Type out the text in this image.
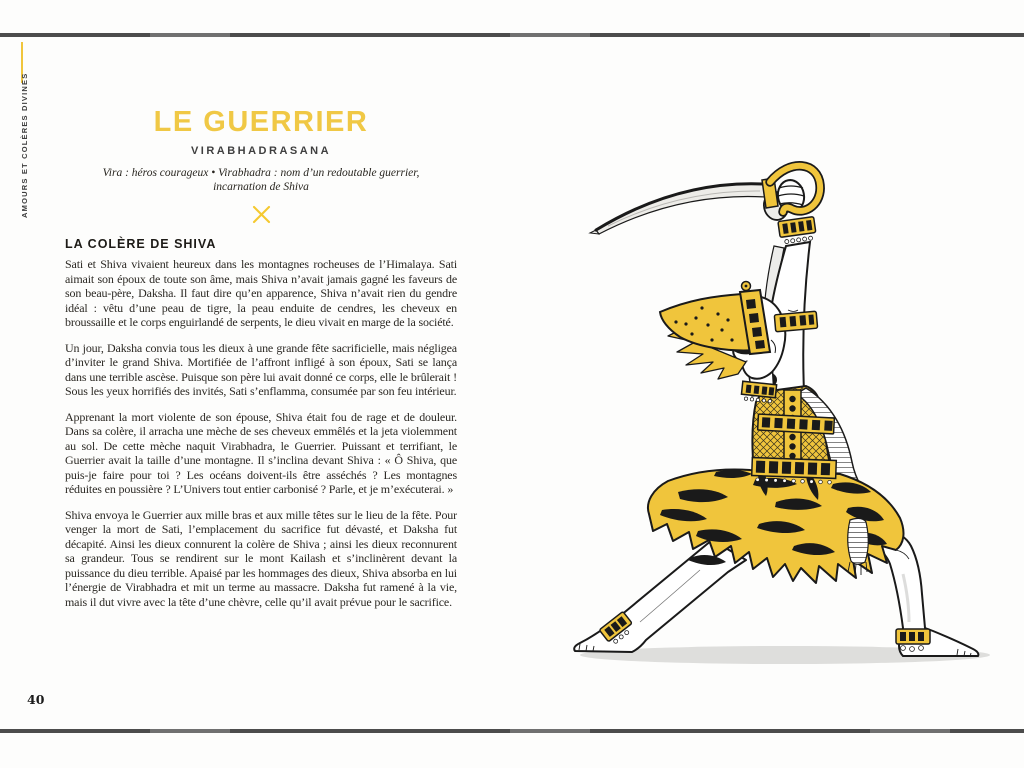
AMOURS ET COLÈRES DIVINES	LE GUERRIER
VIRABHADRASANA
Vira : héros courageux • Virabhadra : nom d’un redoutable guerrier,
incarnation de Shiva
LA COLÈRE DE SHIVA

Sati et Shiva vivaient heureux dans les montagnes rocheuses de l’Himalaya. Sati aimait son époux de toute son âme, mais Shiva n’avait jamais gagné les faveurs de son beau-père, Daksha. Il faut dire qu’en apparence, Shiva n’avait rien du gendre idéal : vêtu d’une peau de tigre, la peau enduite de cendres, les cheveux en broussaille et le corps enguirlandé de serpents, le dieu vivait en marge de la société.

Un jour, Daksha convia tous les dieux à une grande fête sacrificielle, mais négligea d’inviter le grand Shiva. Mortifiée de l’affront infligé à son époux, Sati se lança dans une terrible ascèse. Puisque son père lui avait donné ce corps, elle le brûlerait ! Sous les yeux horrifiés des invités, Sati s’enflamma, consumée par son feu intérieur.

Apprenant la mort violente de son épouse, Shiva était fou de rage et de douleur. Dans sa colère, il arracha une mèche de ses cheveux emmêlés et la jeta violemment au sol. De cette mèche naquit Virabhadra, le Guerrier. Puissant et terrifiant, le Guerrier avait la taille d’une montagne. Il s’inclina devant Shiva : « Ô Shiva, que puis-je faire pour toi ? Les océans doivent-ils être asséchés ? Les montagnes réduites en poussière ? L’Univers tout entier carbonisé ? Parle, et je m’exécuterai. »

Shiva envoya le Guerrier aux mille bras et aux mille têtes sur le lieu de la fête. Pour venger la mort de Sati, l’emplacement du sacrifice fut dévasté, et Daksha fut décapité. Ainsi les dieux connurent la colère de Shiva ; ainsi les dieux reconnurent sa grandeur. Tous se rendirent sur le mont Kailash et s’inclinèrent devant la puissance du dieu terrible. Apaisé par les hommages des dieux, Shiva absorba en lui l’énergie de Virabhadra et mit un terme au massacre. Daksha fut ramené à la vie, mais il dut vivre avec la tête d’une chèvre, celle qu’il avait prévue pour le sacrifice.

40
